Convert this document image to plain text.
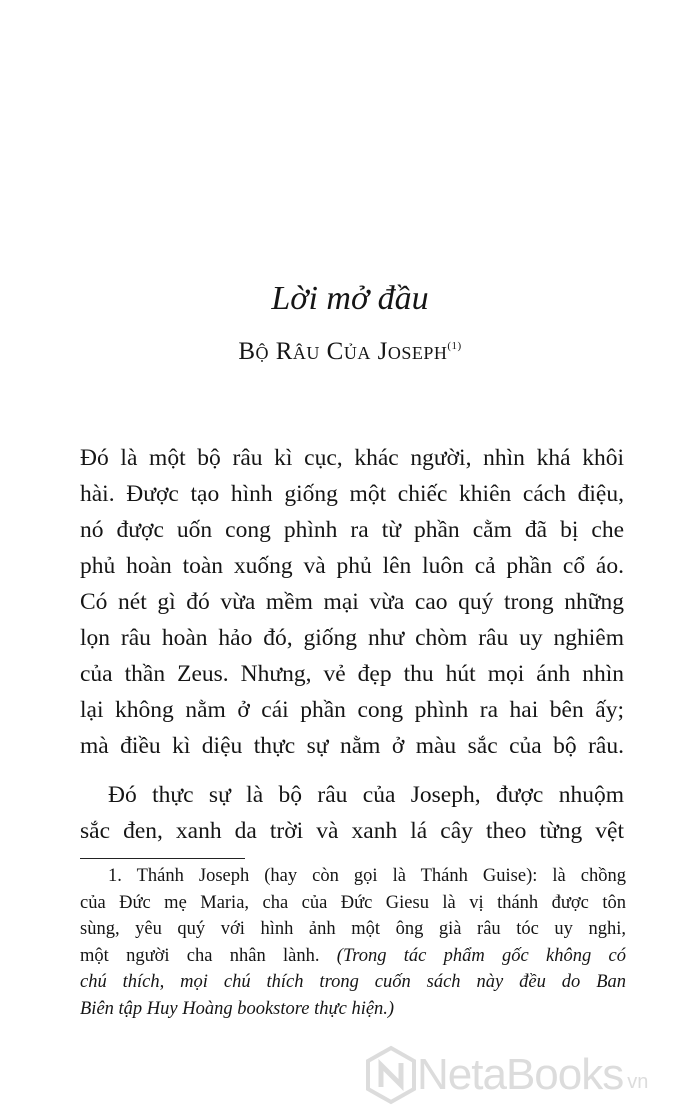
Lời mở đầu
Bộ Râu Của Joseph$^{(1)}$
Đó là một bộ râu kì cục, khác người, nhìn khá khôi
hài. Được tạo hình giống một chiếc khiên cách điệu,
nó được uốn cong phình ra từ phần cằm đã bị che
phủ hoàn toàn xuống và phủ lên luôn cả phần cổ áo.
Có nét gì đó vừa mềm mại vừa cao quý trong những
lọn râu hoàn hảo đó, giống như chòm râu uy nghiêm
của thần Zeus. Nhưng, vẻ đẹp thu hút mọi ánh nhìn
lại không nằm ở cái phần cong phình ra hai bên ấy;
mà điều kì diệu thực sự nằm ở màu sắc của bộ râu.
Đó thực sự là bộ râu của Joseph, được nhuộm
sắc đen, xanh da trời và xanh lá cây theo từng vệt
1. Thánh Joseph (hay còn gọi là Thánh Guise): là chồng
của Đức mẹ Maria, cha của Đức Giesu là vị thánh được tôn
sùng, yêu quý với hình ảnh một ông già râu tóc uy nghi,
một người cha nhân lành. (Trong tác phẩm gốc không có
chú thích, mọi chú thích trong cuốn sách này đều do Ban
Biên tập Huy Hoàng bookstore thực hiện.)
NetaBooks vn
